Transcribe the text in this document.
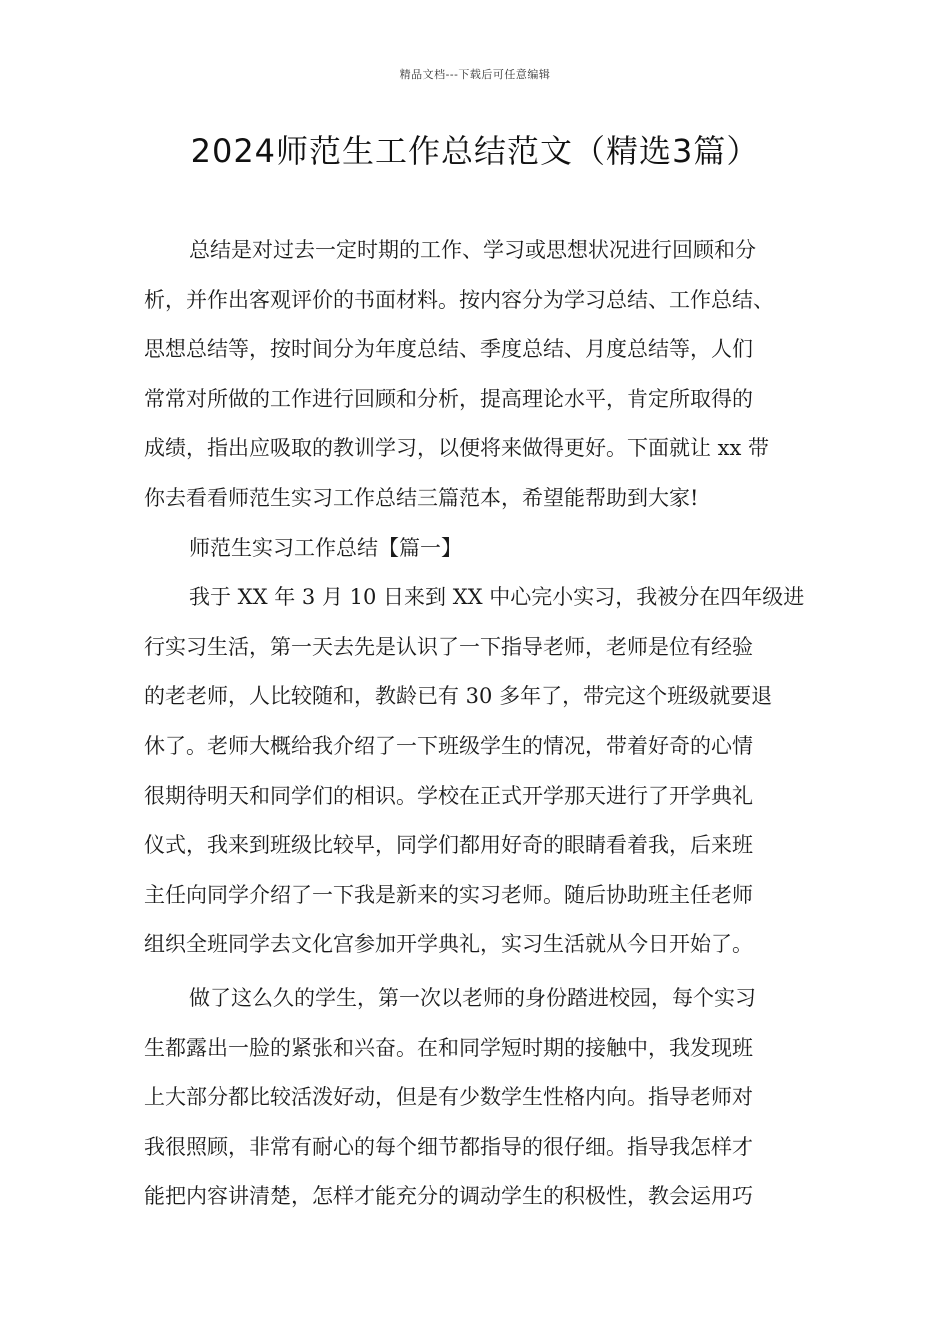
精品文档---下载后可任意编辑
2024师范生工作总结范文（精选3篇）
总结是对过去一定时期的工作、学习或思想状况进行回顾和分
析，并作出客观评价的书面材料。按内容分为学习总结、工作总结、
思想总结等，按时间分为年度总结、季度总结、月度总结等，人们
常常对所做的工作进行回顾和分析，提高理论水平，肯定所取得的
成绩，指出应吸取的教训学习，以便将来做得更好。下面就让 xx 带
你去看看师范生实习工作总结三篇范本，希望能帮助到大家!
师范生实习工作总结【篇一】
我于 XX 年 3 月 10 日来到 XX 中心完小实习，我被分在四年级进
行实习生活，第一天去先是认识了一下指导老师，老师是位有经验
的老老师，人比较随和，教龄已有 30 多年了，带完这个班级就要退
休了。老师大概给我介绍了一下班级学生的情况，带着好奇的心情
很期待明天和同学们的相识。学校在正式开学那天进行了开学典礼
仪式，我来到班级比较早，同学们都用好奇的眼睛看着我，后来班
主任向同学介绍了一下我是新来的实习老师。随后协助班主任老师
组织全班同学去文化宫参加开学典礼，实习生活就从今日开始了。
做了这么久的学生，第一次以老师的身份踏进校园，每个实习
生都露出一脸的紧张和兴奋。在和同学短时期的接触中，我发现班
上大部分都比较活泼好动，但是有少数学生性格内向。指导老师对
我很照顾，非常有耐心的每个细节都指导的很仔细。指导我怎样才
能把内容讲清楚，怎样才能充分的调动学生的积极性，教会运用巧
